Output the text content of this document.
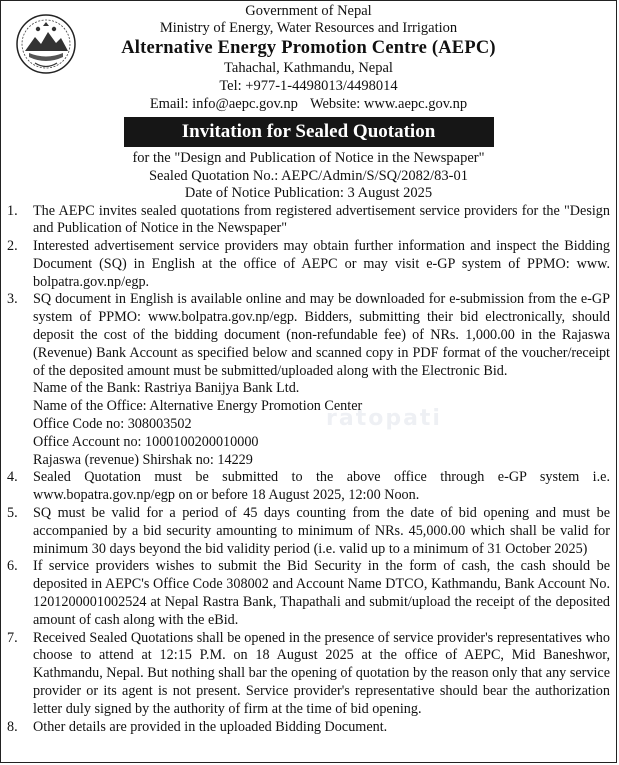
Government of Nepal
Ministry of Energy, Water Resources and Irrigation
Alternative Energy Promotion Centre (AEPC)
Tahachal, Kathmandu, Nepal
Tel: +977-1-4498013/4498014
Email: info@aepc.gov.np Website: www.aepc.gov.np
Invitation for Sealed Quotation
for the "Design and Publication of Notice in the Newspaper"
Sealed Quotation No.: AEPC/Admin/S/SQ/2082/83-01
Date of Notice Publication: 3 August 2025
1. The AEPC invites sealed quotations from registered advertisement service providers for the "Design and Publication of Notice in the Newspaper"
2. Interested advertisement service providers may obtain further information and inspect the Bidding Document (SQ) in English at the office of AEPC or may visit e-GP system of PPMO: www. bolpatra.gov.np/egp.
3. SQ document in English is available online and may be downloaded for e-submission from the e-GP system of PPMO: www.bolpatra.gov.np/egp. Bidders, submitting their bid electronically, should deposit the cost of the bidding document (non-refundable fee) of NRs. 1,000.00 in the Rajaswa (Revenue) Bank Account as specified below and scanned copy in PDF format of the voucher/receipt of the deposited amount must be submitted/uploaded along with the Electronic Bid.
Name of the Bank: Rastriya Banijya Bank Ltd.
Name of the Office: Alternative Energy Promotion Center
Office Code no: 308003502
Office Account no: 1000100200010000
Rajaswa (revenue) Shirshak no: 14229
4. Sealed Quotation must be submitted to the above office through e-GP system i.e. www.bopatra.gov.np/egp on or before 18 August 2025, 12:00 Noon.
5. SQ must be valid for a period of 45 days counting from the date of bid opening and must be accompanied by a bid security amounting to minimum of NRs. 45,000.00 which shall be valid for minimum 30 days beyond the bid validity period (i.e. valid up to a minimum of 31 October 2025)
6. If service providers wishes to submit the Bid Security in the form of cash, the cash should be deposited in AEPC's Office Code 308002 and Account Name DTCO, Kathmandu, Bank Account No. 1201200001002524 at Nepal Rastra Bank, Thapathali and submit/upload the receipt of the deposited amount of cash along with the eBid.
7. Received Sealed Quotations shall be opened in the presence of service provider's representatives who choose to attend at 12:15 P.M. on 18 August 2025 at the office of AEPC, Mid Baneshwor, Kathmandu, Nepal. But nothing shall bar the opening of quotation by the reason only that any service provider or its agent is not present. Service provider's representative should bear the authorization letter duly signed by the authority of firm at the time of bid opening.
8. Other details are provided in the uploaded Bidding Document.
ratopati
